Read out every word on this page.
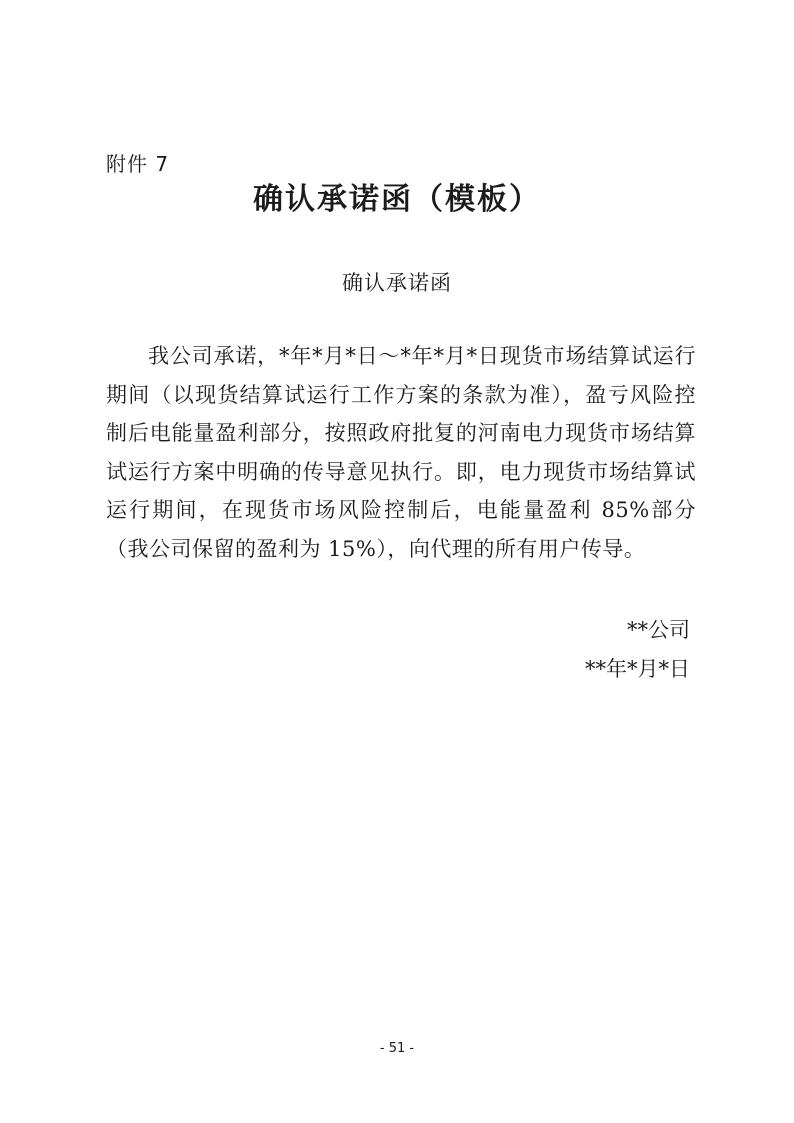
附件 7
确认承诺函（模板）
确认承诺函

我公司承诺，*年*月*日～*年*月*日现货市场结算试运行期间（以现货结算试运行工作方案的条款为准），盈亏风险控制后电能量盈利部分，按照政府批复的河南电力现货市场结算试运行方案中明确的传导意见执行。即，电力现货市场结算试运行期间，在现货市场风险控制后，电能量盈利 85%部分（我公司保留的盈利为 15%），向代理的所有用户传导。

**公司
**年*月*日
- 51 -
